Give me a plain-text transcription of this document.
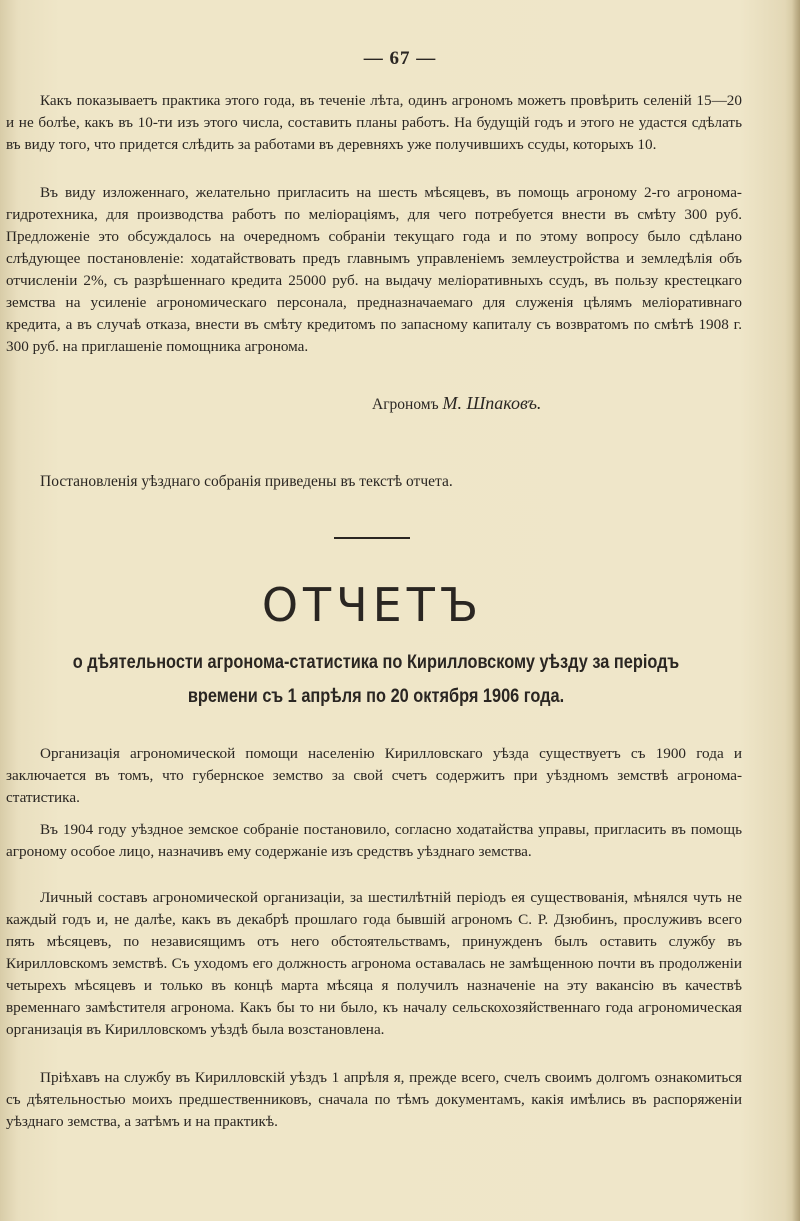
— 67 —

Какъ показываетъ практика этого года, въ теченіе лѣта, одинъ агрономъ можетъ провѣрить селеній 15—20 и не болѣе, какъ въ 10-ти изъ этого числа, составить планы работъ. На будущій годъ и этого не удастся сдѣлать въ виду того, что придется слѣдить за работами въ деревняхъ уже получившихъ ссуды, которыхъ 10.

Въ виду изложеннаго, желательно пригласить на шесть мѣсяцевъ, въ помощь агроному 2-го агронома-гидротехника, для производства работъ по меліораціямъ, для чего потребуется внести въ смѣту 300 руб. Предложеніе это обсуждалось на очередномъ собраніи текущаго года и по этому вопросу было сдѣлано слѣдующее постановленіе: ходатайствовать предъ главнымъ управленіемъ землеустройства и земледѣлія объ отчисленіи 2%, съ разрѣшеннаго кредита 25000 руб. на выдачу меліоративныхъ ссудъ, въ пользу крестецкаго земства на усиленіе агрономическаго персонала, предназначаемаго для служенія цѣлямъ меліоративнаго кредита, а въ случаѣ отказа, внести въ смѣту кредитомъ по запасному капиталу съ возвратомъ по смѣтѣ 1908 г. 300 руб. на приглашеніе помощника агронома.

Агрономъ М. Шпаковъ.
Постановленія уѣзднаго собранія приведены въ текстѣ отчета.
ОТЧЕТЪ
о дѣятельности агронома-статистика по Кирилловскому уѣзду за періодъ
времени съ 1 апрѣля по 20 октября 1906 года.

Организація агрономической помощи населенію Кирилловскаго уѣзда существуетъ съ 1900 года и заключается въ томъ, что губернское земство за свой счетъ содержитъ при уѣздномъ земствѣ агронома-статистика.

Въ 1904 году уѣздное земское собраніе постановило, согласно ходатайства управы, пригласить въ помощь агроному особое лицо, назначивъ ему содержаніе изъ средствъ уѣзднаго земства.

Личный составъ агрономической организаціи, за шестилѣтній періодъ ея существованія, мѣнялся чуть не каждый годъ и, не далѣе, какъ въ декабрѣ прошлаго года бывшій агрономъ С. Р. Дзюбинъ, прослуживъ всего пять мѣсяцевъ, по независящимъ отъ него обстоятельствамъ, принужденъ былъ оставить службу въ Кирилловскомъ земствѣ. Съ уходомъ его должность агронома оставалась не замѣщенною почти въ продолженіи четырехъ мѣсяцевъ и только въ концѣ марта мѣсяца я получилъ назначеніе на эту вакансію въ качествѣ временнаго замѣстителя агронома. Какъ бы то ни было, къ началу сельскохозяйственнаго года агрономическая организація въ Кирилловскомъ уѣздѣ была возстановлена.

Пріѣхавъ на службу въ Кирилловскій уѣздъ 1 апрѣля я, прежде всего, счелъ своимъ долгомъ ознакомиться съ дѣятельностью моихъ предшественниковъ, сначала по тѣмъ документамъ, какія имѣлись въ распоряженіи уѣзднаго земства, а затѣмъ и на практикѣ.
